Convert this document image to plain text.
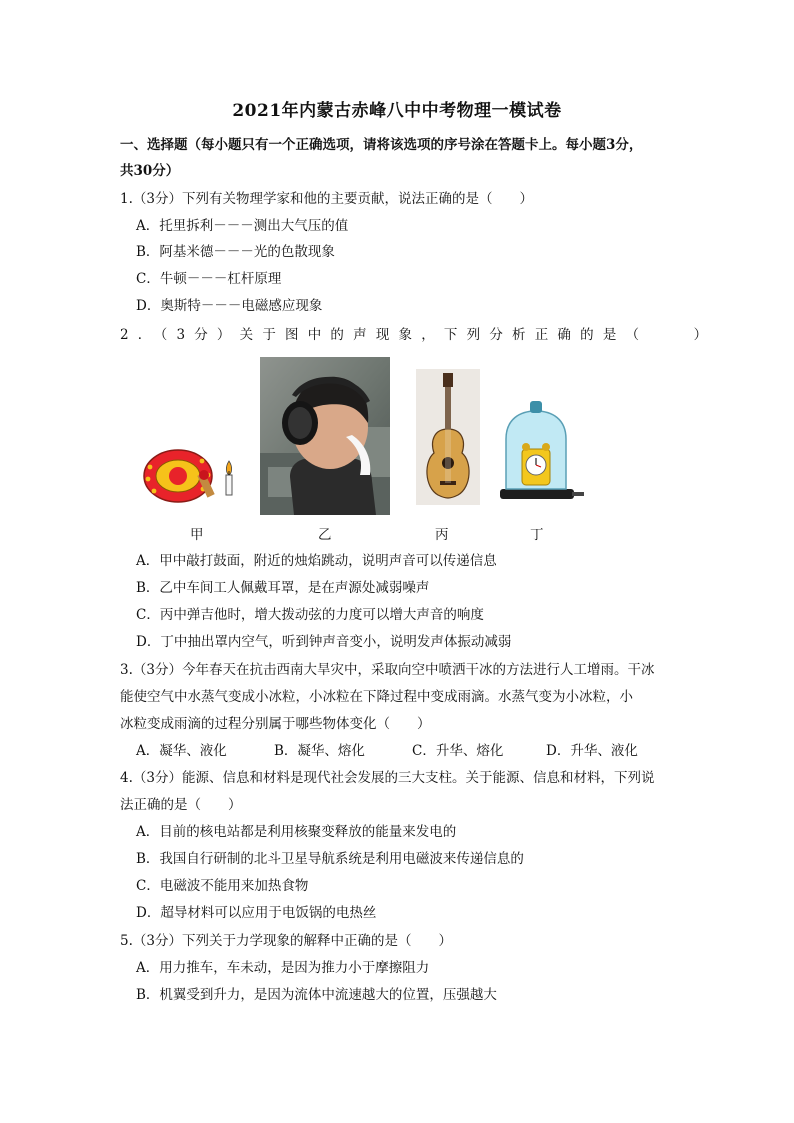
2021年内蒙古赤峰八中中考物理一模试卷
一、选择题（每小题只有一个正确选项，请将该选项的序号涂在答题卡上。每小题3分，
共30分）
1.（3分）下列有关物理学家和他的主要贡献，说法正确的是（　　）
A．托里拆利－－－测出大气压的值
B．阿基米德－－－光的色散现象
C．牛顿－－－杠杆原理
D．奥斯特－－－电磁感应现象
2．（3分）关于图中的声现象，下列分析正确的是（　　）
甲	乙	丙	丁
A．甲中敲打鼓面，附近的烛焰跳动，说明声音可以传递信息
B．乙中车间工人佩戴耳罩，是在声源处减弱噪声
C．丙中弹吉他时，增大拨动弦的力度可以增大声音的响度
D．丁中抽出罩内空气，听到钟声音变小，说明发声体振动减弱
3.（3分）今年春天在抗击西南大旱灾中，采取向空中喷洒干冰的方法进行人工增雨。干冰
能使空气中水蒸气变成小冰粒，小冰粒在下降过程中变成雨滴。水蒸气变为小冰粒，小
冰粒变成雨滴的过程分别属于哪些物体变化（　　）
A．凝华、液化	B．凝华、熔化	C．升华、熔化	D．升华、液化
4.（3分）能源、信息和材料是现代社会发展的三大支柱。关于能源、信息和材料，下列说
法正确的是（　　）
A．目前的核电站都是利用核聚变释放的能量来发电的
B．我国自行研制的北斗卫星导航系统是利用电磁波来传递信息的
C．电磁波不能用来加热食物
D．超导材料可以应用于电饭锅的电热丝
5.（3分）下列关于力学现象的解释中正确的是（　　）
A．用力推车，车未动，是因为推力小于摩擦阻力
B．机翼受到升力，是因为流体中流速越大的位置，压强越大
